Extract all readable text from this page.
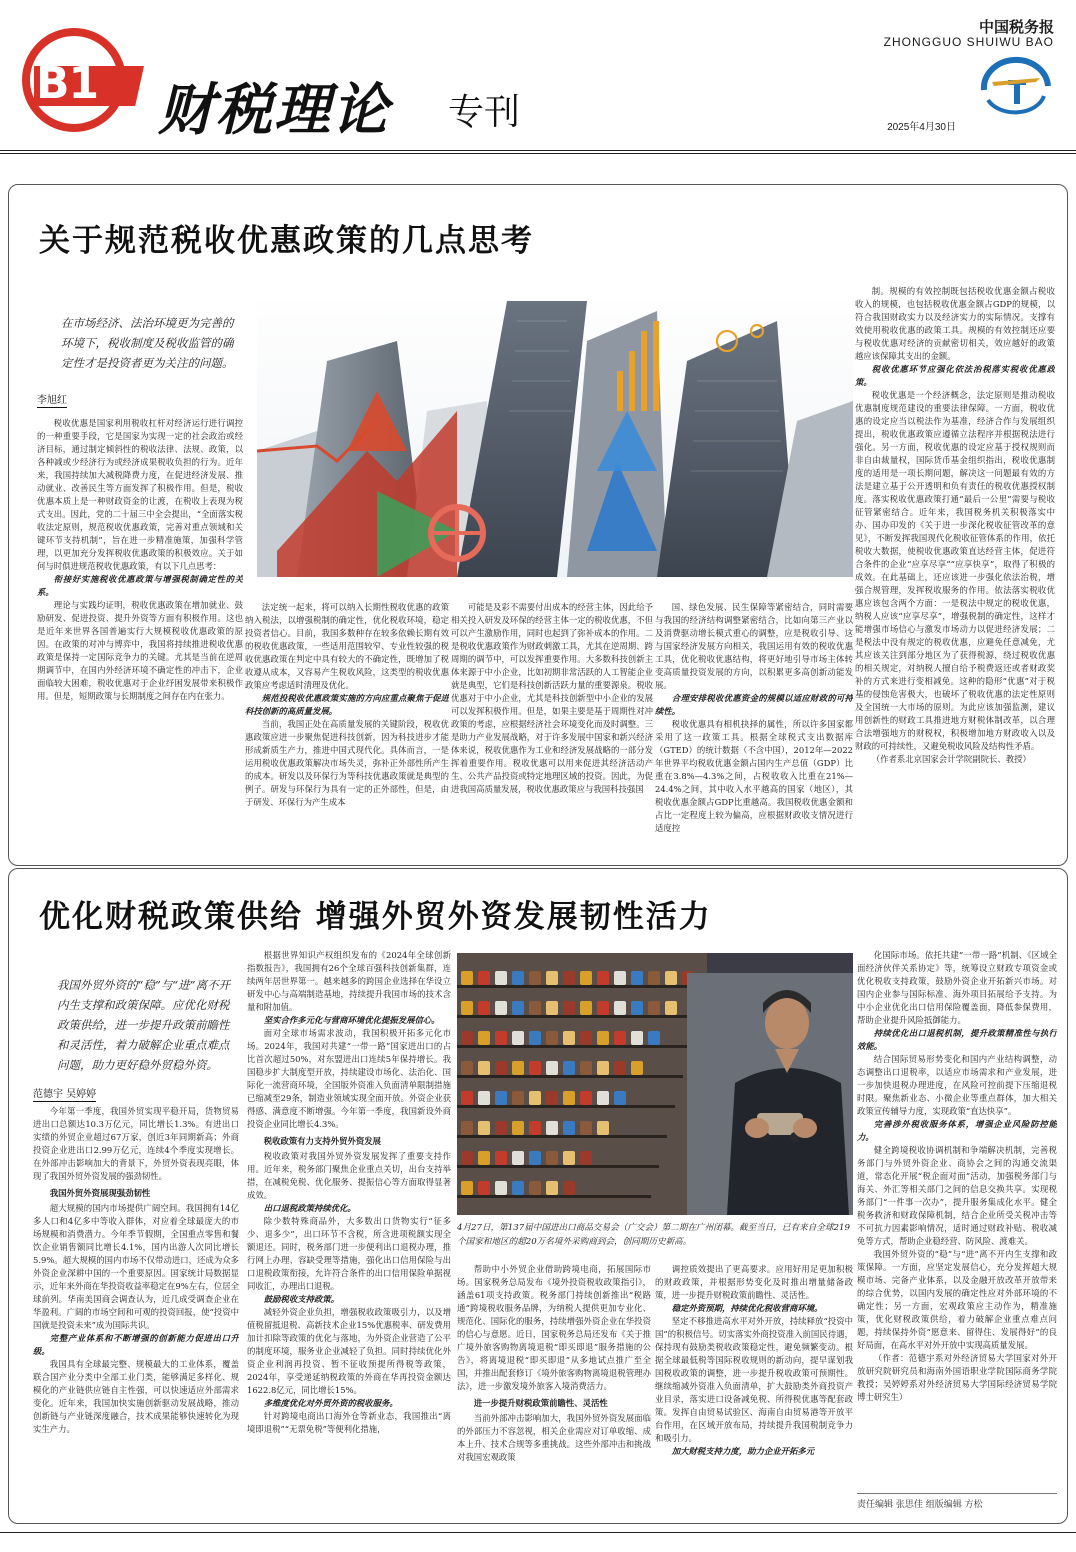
B1 财税理论 专刊
中国税务报
ZHONGGUO SHUIWU BAO
2025年4月30日
关于规范税收优惠政策的几点思考
在市场经济、法治环境更为完善的环境下，税收制度及税收监管的确定性才是投资者更为关注的问题。
李旭红

税收优惠是国家利用税收杠杆对经济运行进行调控的一种重要手段，它是国家为实现一定的社会政治或经济目标，通过制定倾斜性的税收法律、法规、政策，以各种减或少经济行为或经济成果税收负担的行为。近年来，我国持续加大减税降费力度，在促进经济发展、推动就业、改善民生等方面发挥了积极作用。但是，税收优惠本质上是一种财政资金的让渡，在税收上表现为税式支出。因此，党的二十届三中全会提出，“全面落实税收法定原则，规范税收优惠政策，完善对重点领域和关键环节支持机制”，旨在进一步精准施策，加强科学管理，以更加充分发挥税收优惠政策的积极效应。关于如何与时俱进规范税收优惠政策，有以下几点思考：

衔接好实施税收优惠政策与增强税制确定性的关系。

理论与实践均证明，税收优惠政策在增加就业、鼓励研发、促进投资、提升外资等方面有积极作用。这也是近年来世界各国普遍实行大规模税收优惠政策的原因。在政策的对冲与博弈中，我国将持续推进税收优惠政策是保持一定国际竞争力的关键。尤其是当前在逆周期调节中，在国内外经济环境不确定性的冲击下，企业面临较大困难，税收优惠对于企业纾困发展带来积极作用。但是，短期政策与长期制度之间存在内在张力。

法定统一起来，将可以纳入长期性税收优惠的政策纳入税法，以增强税制的确定性，优化税收环境，稳定投资者信心。目前，我国多数种存在较多依赖长期有效的税收优惠政策，一些适用范围较窄、专业性较强的税收优惠政策在判定中具有较大的不确定性，既增加了税收遵从成本，又容易产生税收风险，这类型的税收优惠政策应考虑适时清理及优化。

规范投税收优惠政策实施的方向应重点聚焦于促进科技创新的高质量发展。

当前，我国正处在高质量发展的关键阶段，税收优惠政策应进一步聚焦促进科技创新，因为科技进步才能形成新质生产力，推进中国式现代化。具体而言，一是运用税收优惠政策解决市场失灵，弥补正外部性所产生的成本。研发以及环保行为等科技优惠政策就是典型的例子。研发与环保行为具有一定的正外部性，但是，由于研发、环保行为产生成本

可能是及彩不需要付出成本的经营主体，因此给予相关投入研发及环保的经营主体一定的税收优惠，不但可以产生激励作用，同时也起到了弥补成本的作用。二是税收优惠政策作为财政刺激工具，尤其在逆周期、跨周期的调节中，可以发挥重要作用。大多数科技创新主体来源于中小企业，比如初期非常活跃的人工智能企业就是典型，它们是科技创新活跃力量的重要源泉。税收优惠对于中小企业，尤其是科技创新型中小企业的发展可以发挥积极作用。但是，如果主要是基于周期性对冲政策的考虑，应根据经济社会环境变化而及时调整。三是助力产业发展战略，对于许多发展中国家和新兴经济体来说，税收优惠作为工业和经济发展战略的一部分发挥着重要作用。税收优惠可以用来促进其经济活动产生、公共产品投资或特定地理区域的投资。因此，为促进我国高质量发展，税收优惠政策应与我国科技强国

国、绿色发展、民生保障等紧密结合，同时需要与我国的经济结构调整紧密结合，比如向第三产业以及消费驱动增长模式重心的调整，应是税收引导、这与国家经济发展方向相关，我国运用有效的税收优惠工具，优化税收优惠结构，将更好地引导市场主体转变高质量投资发展的方向，以积累更多高创新动能发展。

合理安排税收优惠资金的规模以适应财政的可持续性。

税收优惠具有相机抉择的属性，所以许多国家都采用了这一政策工具。根据全球税式支出数据库（GTED）的统计数据（不含中国），2012年—2022年世界平均税收优惠金额占国内生产总值（GDP）比重在3.8%—4.3%之间，占税收收入比重在21%—24.4%之间，其中收入水平越高的国家（地区），其税收优惠金额占GDP比重越高。我国税收优惠金额和占比一定程度上较为偏高，应根据财政收支情况进行适度控

制。规模的有效控制既包括税收优惠金额占税收收入的规模，也包括税收优惠金额占GDP的规模，以符合我国财政实力以及经济实力的实际情况。支撑有效使用税收优惠的政策工具。规模的有效控制还应要与税收优惠对经济的贡献密切相关，效应越好的政策越应该保障其支出的金额。

税收优惠环节应强化依法治税落实税收优惠政策。

税收优惠是一个经济概念，法定原则是推动税收优惠制度规范建设的重要法律保障。一方面，税收优惠的设定应当以税法作为基准，经济合作与发展组织提出，税收优惠政策应遵循立法程序并根据税法进行强化。另一方面，税收优惠的设定应基于授权规则而非自由裁量权，国际货币基金组织指出，税收优惠制度的适用是一项长期问题，解决这一问题最有效的方法是建立基于公开透明和负有责任的税收优惠授权制度。落实税收优惠政策打通“最后一公里”需要与税收征管紧密结合。近年来，我国税务机关积极落实中办、国办印发的《关于进一步深化税收征管改革的意见》，不断发挥我国现代化税收征管体系的作用，依托税收大数据，使税收优惠政策直达经营主体，促进符合条件的企业“应享尽享”“应享快享”，取得了积极的成效。在此基础上，还应该进一步强化依法治税，增强合规管理，发挥税收服务的作用。依法落实税收优惠应该包含两个方面：一是税法中规定的税收优惠，纳税人应该“应享尽享”，增强税制的确定性，这样才能增强市场信心与激发市场动力以促进经济发展；二是税法中没有规定的税收优惠，应避免任意减免，尤其应该关注到部分地区为了获得税源，绕过税收优惠的相关规定，对纳税人擅自给予税费返还或者财政奖补的方式来进行变相减免。这种的隐形“优惠”对于税基的侵蚀危害极大，也破坏了税收优惠的法定性原则及全国统一大市场的原则。为此应该加强监测，建议用创新性的财政工具推进地方财税体制改革，以合理合法增强地方的财税权，积极增加地方财政收入以及财政的可持续性，又避免税收风险及结构性矛盾。

（作者系北京国家会计学院副院长、教授）

优化财税政策供给 增强外贸外资发展韧性活力
我国外贸外资的“稳”与“进”离不开内生支撑和政策保障。应优化财税政策供给，进一步提升政策前瞻性和灵活性，着力破解企业重点难点问题，助力更好稳外贸稳外资。
范德宇 吴婷婷
4月27日，第137届中国进出口商品交易会（广交会）第二期在广州闭幕。截至当日，已有来自全球219个国家和地区的超20万名境外采购商到会，创同期历史新高。

今年第一季度，我国外贸实现平稳开局，货物贸易进出口总额达10.3万亿元，同比增长1.3%。有进出口实绩的外贸企业超过67万家，创近3年同期新高；外商投资企业进出口2.99万亿元，连续4个季度实现增长。在外部冲击影响加大的背景下，外贸外资表现亮眼，体现了我国外贸外资发展的强劲韧性。

我国外贸外资展现强劲韧性

超大规模的国内市场提供广阔空间。我国拥有14亿多人口和4亿多中等收入群体，对应着全球最庞大的市场规模和消费潜力。今年季节假期，全国重点零售和餐饮企业销售额同比增长4.1%，国内出游人次同比增长5.9%。超大规模的国内市场不仅带动进口，还成为众多外资企业深耕中国的一个重要原因。国家统计局数据显示，近年来外商在华投资收益率稳定在9%左右，位居全球前列。华南美国商会调查认为，近几成受调查企业在华盈利。广阔的市场空间和可观的投资回报，使“投资中国就是投资未来”成为国际共识。

完整产业体系和不断增强的创新能力促进出口升级。

我国具有全球最完整、规模最大的工业体系，覆盖联合国产业分类中全部工业门类，能够满足多样化、规模化的产业链供应链自主性强，可以快速适应外部需求变化。近年来，我国加快实施创新驱动发展战略，推动创新链与产业链深度融合，技术成果能够快速转化为现实生产力。

根据世界知识产权组织发布的《2024年全球创新指数报告》，我国拥有26个全球百强科技创新集群，连续两年居世界第一。越来越多的跨国企业选择在华设立研发中心与高端制造基地，持续提升我国市场的技术含量和附加值。

坚实合作多元化与营商环境优化提振发展信心。

面对全球市场需求波动，我国积极开拓多元化市场。2024年，我国对共建“一带一路”国家进出口的占比首次超过50%，对东盟进出口连续5年保持增长。我国稳步扩大制度型开放，持续建设市场化、法治化、国际化一流营商环境，全国版外资准入负面清单限制措施已缩减至29条，制造业领域实现全面开放。外资企业获得感、满意度不断增强。今年第一季度，我国新设外商投资企业同比增长4.3%。

税收政策有力支持外贸外资发展

税收政策对我国外贸外资发展发挥了重要支持作用。近年来，税务部门聚焦企业重点关切，出台支持举措，在减税免税、优化服务、提振信心等方面取得显著成效。

出口退税政策持续优化。

除少数特殊商品外，大多数出口货物实行“征多少、退多少”，出口环节不含税，所含进项税额实现全额退还。同时，税务部门进一步便利出口退税办理，推行网上办理、容缺受理等措施，强化出口信用保险与出口退税政策衔接，允许符合条件的出口信用保险单据视同收汇，办理出口退税。

鼓励税收支持政策。

减轻外资企业负担，增强税收政策吸引力，以及增值税留抵退税、高新技术企业15%优惠税率、研发费用加计扣除等政策的优化与落地，为外资企业营造了公平的制度环境，服务业企业减轻了负担。同时持续优化外资企业利润再投资、暂不征收预提所得税等政策，2024年，享受递延纳税政策的外商在华再投资金额达1622.8亿元，同比增长15%。

多维度优化对外贸外资的税收服务。

针对跨境电商出口海外仓等新业态，我国推出“离境即退税”“无票免税”等便利化措施，

帮助中小外贸企业借助跨境电商，拓展国际市场。国家税务总局发布《境外投资税收政策指引》，涵盖61项支持政策。税务部门持续创新推出“税路通”跨境税收服务品牌，为纳税人提供更加专业化、规范化、国际化的服务，持续增强外资企业在华投资的信心与意愿。近日，国家税务总局还发布《关于推广境外旅客购物离境退税“即买即退”服务措施的公告》，将离境退税“即买即退”从多地试点推广至全国，并推出配套修订《境外旅客购物离境退税管理办法》，进一步激发境外旅客入境消费活力。

进一步提升财税政策前瞻性、灵活性

当前外部冲击影响加大，我国外贸外资发展面临的外部压力不容忽视，相关企业需应对订单收缩、成本上升、技术合规等多重挑战。这些外部冲击和挑战对我国宏观政策

调控质效提出了更高要求。应用好用足更加积极的财政政策，并根据形势变化及时推出增量储备政策，进一步提升财税政策前瞻性、灵活性。

稳定外资预期，持续优化税收营商环境。

坚定不移推进高水平对外开放，持续释放“投资中国”的积极信号。切实落实外商投资准入前国民待遇，保持现有鼓励类税收政策稳定性，避免频繁变动。根据全球最低税等国际税收规则的新动向，提早谋划我国税收政策的调整，进一步提升税收政策可预期性。继续缩减外资准入负面清单，扩大鼓励类外商投资产业目录，落实进口设备减免税、所得税优惠等配套政策。发挥自由贸易试验区、海南自由贸易港等开放平台作用，在区域开放布局，持续提升我国税制竞争力和吸引力。

加大财税支持力度，助力企业开拓多元

化国际市场。依托共建“一带一路”机制、《区域全面经济伙伴关系协定》等，统筹设立财政专项资金或优化税收支持政策，鼓励外资企业开拓新兴市场。对国内企业参与国际标准、海外项目拓展给予支持。为中小企业优化出口信用保险覆盖面，降低参保费用，帮助企业提升风险抵御能力。

持续优化出口退税机制，提升政策精准性与执行效能。

结合国际贸易形势变化和国内产业结构调整，动态调整出口退税率，以适应市场需求和产业发展，进一步加快退税办理进度，在风险可控前提下压缩退税时限。聚焦新业态、小微企业等重点群体，加大相关政策宣传辅导力度，实现政策“直达快享”。

完善涉外税收服务体系，增强企业风险防控能力。

健全跨境税收协调机制和争端解决机制，完善税务部门与外贸外资企业、商协会之间的沟通交流渠道，常态化开展“税企面对面”活动，加强税务部门与海关、外汇等相关部门之间的信息交换共享。实现税务部门“一件事一次办”，提升服务集成化水平。健全税务救济和财政保障机制，结合企业所受关税冲击等不可抗力因素影响情况，适时通过财政补贴、税收减免等方式，帮助企业稳经营、防风险、渡难关。

我国外贸外资的“稳”与“进”离不开内生支撑和政策保障。一方面，应坚定发展信心，充分发挥超大规模市场、完备产业体系，以及金融开放改革开放带来的综合优势，以国内发展的确定性应对外部环境的不确定性；另一方面，宏观政策应主动作为，精准施策，优化财税政策供给，着力破解企业重点难点问题，持续保持外资“愿意来、留得住、发展得好”的良好局面，在高水平对外开放中实现高质量发展。

（作者：范德宇系对外经济贸易大学国家对外开放研究院研究员和海南外国语职业学院国际商务学院教授；吴婷婷系对外经济贸易大学国际经济贸易学院博士研究生）

责任编辑 张思佳 组版编辑 方松
